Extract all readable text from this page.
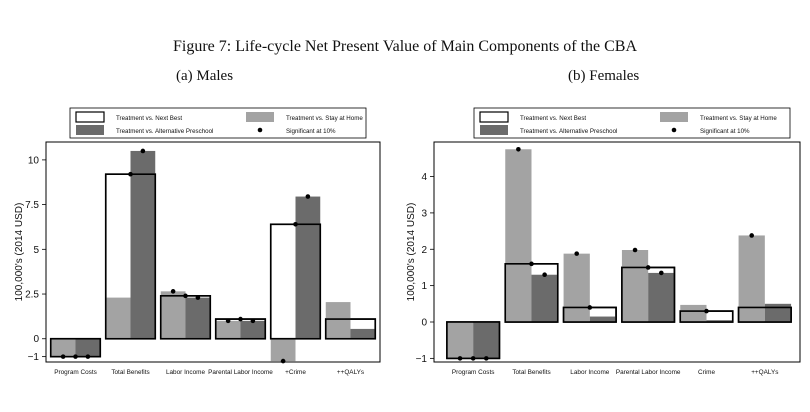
Figure 7: Life-cycle Net Present Value of Main Components of the CBA
(a) Males	(b) Females
Treatment vs. Next Best	Treatment vs. Stay at Home
Treatment vs. Alternative Preschool	Significant at 10%
−1
0
2.5
5
7.5
10
100,000's (2014 USD)
Program Costs Total Benefits	Labor Income Parental Labor Income +Crime	++QALYs
Treatment vs. Next Best	Treatment vs. Stay at Home
Treatment vs. Alternative Preschool	Significant at 10%
−1
0
1
2
3
4
100,000's (2014 USD)
Program Costs	Total Benefits	Labor Income Parental Labor Income	Crime	++QALYs
